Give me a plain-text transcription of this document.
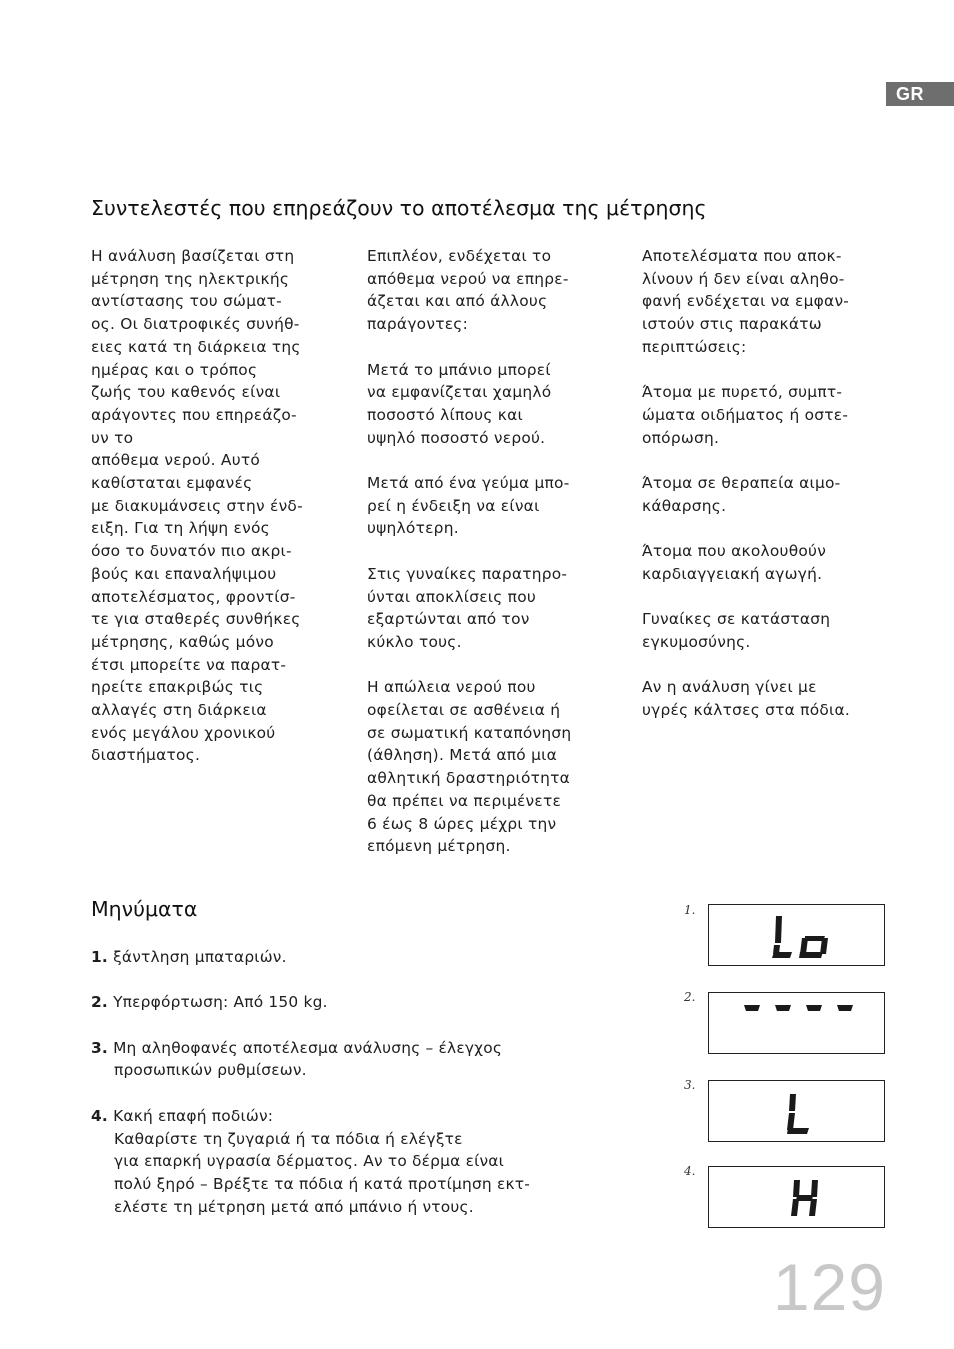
GR
Συντελεστές που επηρεάζουν το αποτέλεσμα της μέτρησης

Η ανάλυση βασίζεται στη
μέτρηση της ηλεκτρικής
αντίστασης του σώματ-
ος. Οι διατροφικές συνήθ-
ειες κατά τη διάρκεια της
ημέρας και ο τρόπος
ζωής του καθενός είναι
αράγοντες που επηρεάζο-
υν το
απόθεμα νερού. Αυτό
καθίσταται εμφανές
με διακυμάνσεις στην ένδ-
ειξη. Για τη λήψη ενός
όσο το δυνατόν πιο ακρι-
βούς και επαναλήψιμου
αποτελέσματος, φροντίσ-
τε για σταθερές συνθήκες
μέτρησης, καθώς μόνο
έτσι μπορείτε να παρατ-
ηρείτε επακριβώς τις
αλλαγές στη διάρκεια
ενός μεγάλου χρονικού
διαστήματος.

Επιπλέον, ενδέχεται το
απόθεμα νερού να επηρε-
άζεται και από άλλους
παράγοντες:

Μετά το μπάνιο μπορεί
να εμφανίζεται χαμηλό
ποσοστό λίπους και
υψηλό ποσοστό νερού.

Μετά από ένα γεύμα μπο-
ρεί η ένδειξη να είναι
υψηλότερη.

Στις γυναίκες παρατηρο-
ύνται αποκλίσεις που
εξαρτώνται από τον
κύκλο τους.

Η απώλεια νερού που
οφείλεται σε ασθένεια ή
σε σωματική καταπόνηση
(άθληση). Μετά από μια
αθλητική δραστηριότητα
θα πρέπει να περιμένετε
6 έως 8 ώρες μέχρι την
επόμενη μέτρηση.

Αποτελέσματα που αποκ-
λίνουν ή δεν είναι αληθο-
φανή ενδέχεται να εμφαν-
ιστούν στις παρακάτω
περιπτώσεις:

Άτομα με πυρετό, συμπτ-
ώματα οιδήματος ή οστε-
οπόρωση.

Άτομα σε θεραπεία αιμο-
κάθαρσης.

Άτομα που ακολουθούν
καρδιαγγειακή αγωγή.

Γυναίκες σε κατάσταση
εγκυμοσύνης.

Αν η ανάλυση γίνει με
υγρές κάλτσες στα πόδια.

Μηνύματα
1. ξάντληση μπαταριών.
2. Υπερφόρτωση: Από 150 kg.
3. Μη αληθοφανές αποτέλεσμα ανάλυσης – έλεγχος
προσωπικών ρυθμίσεων.
4. Κακή επαφή ποδιών:
Καθαρίστε τη ζυγαριά ή τα πόδια ή ελέγξτε
για επαρκή υγρασία δέρματος. Αν το δέρμα είναι
πολύ ξηρό – Βρέξτε τα πόδια ή κατά προτίμηση εκτ-
ελέστε τη μέτρηση μετά από μπάνιο ή ντους.
1.
2.
3.
4.
129
